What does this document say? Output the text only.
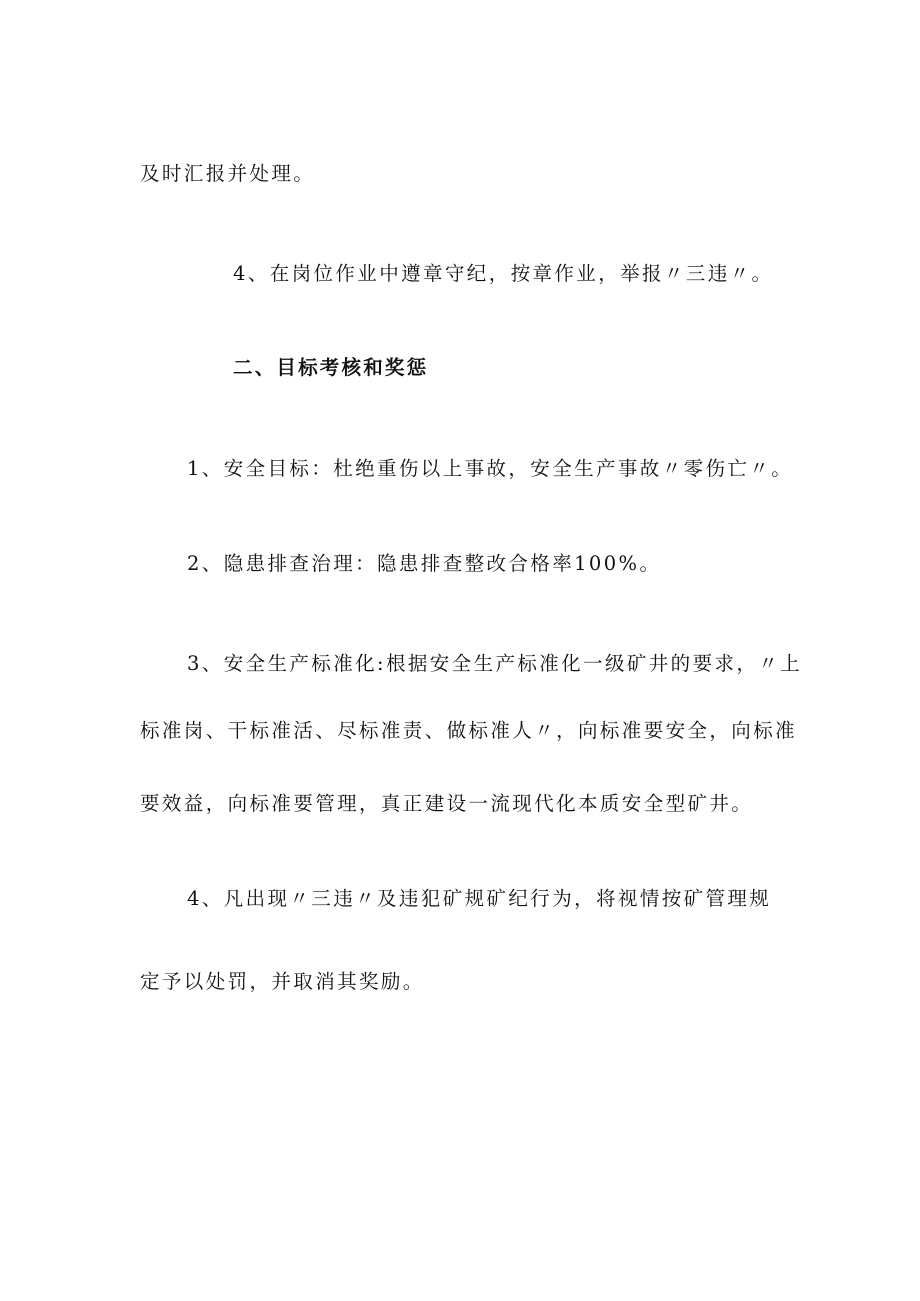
及时汇报并处理。
4、在岗位作业中遵章守纪，按章作业，举报〃三违〃。
二、目标考核和奖惩
1、安全目标：杜绝重伤以上事故，安全生产事故〃零伤亡〃。
2、隐患排查治理：隐患排查整改合格率100%。
3、安全生产标准化:根据安全生产标准化一级矿井的要求，〃上
标准岗、干标准活、尽标准责、做标准人〃，向标准要安全，向标准
要效益，向标准要管理，真正建设一流现代化本质安全型矿井。
4、凡出现〃三违〃及违犯矿规矿纪行为，将视情按矿管理规
定予以处罚，并取消其奖励。
